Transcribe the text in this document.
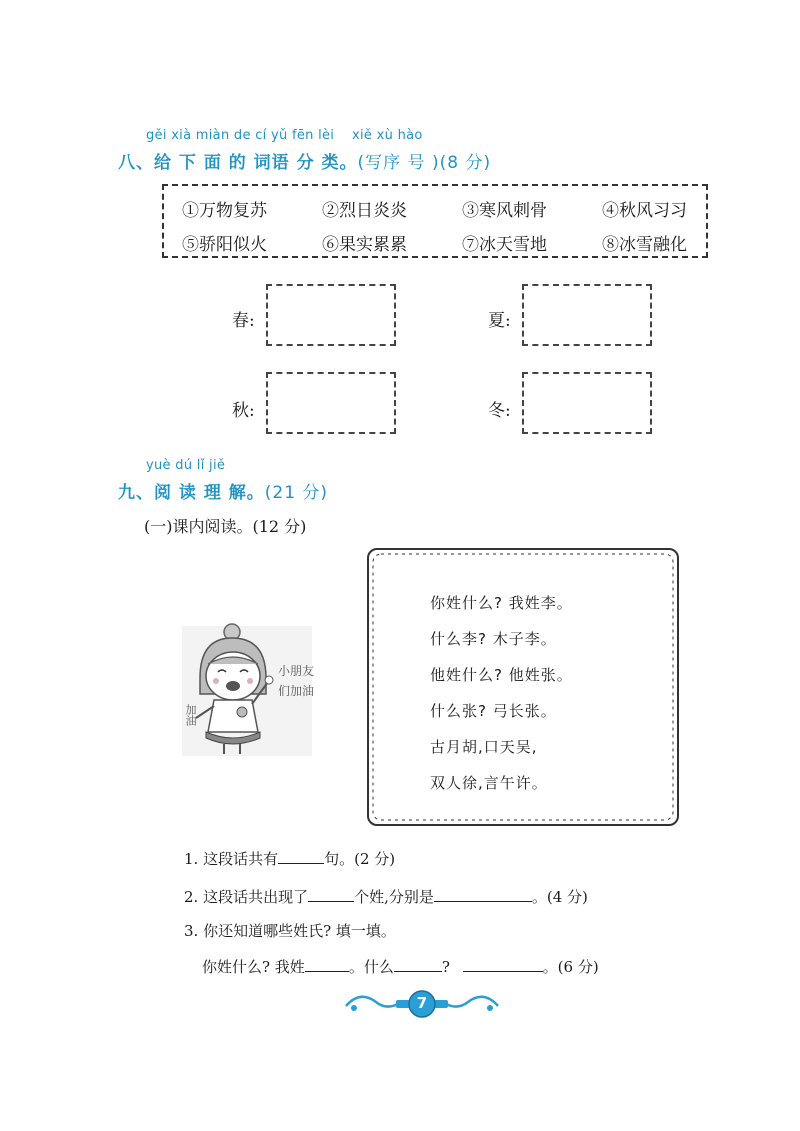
gěi xià miàn de cí yǔ fēn lèi xiě xù hào
八、给 下 面 的 词语 分 类。(写序 号 )(8 分)
①万物复苏	②烈日炎炎	③寒风刺骨	④秋风习习
⑤骄阳似火	⑥果实累累	⑦冰天雪地	⑧冰雪融化
春:	夏:
秋:	冬:
yuè dú lǐ jiě
九、阅 读 理 解。(21 分)
(一)课内阅读。(12 分)
小朋友
们加油
加油
你姓什么? 我姓李。
什么李? 木子李。
他姓什么? 他姓张。
什么张? 弓长张。
古月胡,口天吴,
双人徐,言午许。
1. 这段话共有	句。(2 分)
2. 这段话共出现了	个姓,分别是	。(4 分)
3. 你还知道哪些姓氏? 填一填。
你姓什么? 我姓	。什么	?	。(6 分)
7
